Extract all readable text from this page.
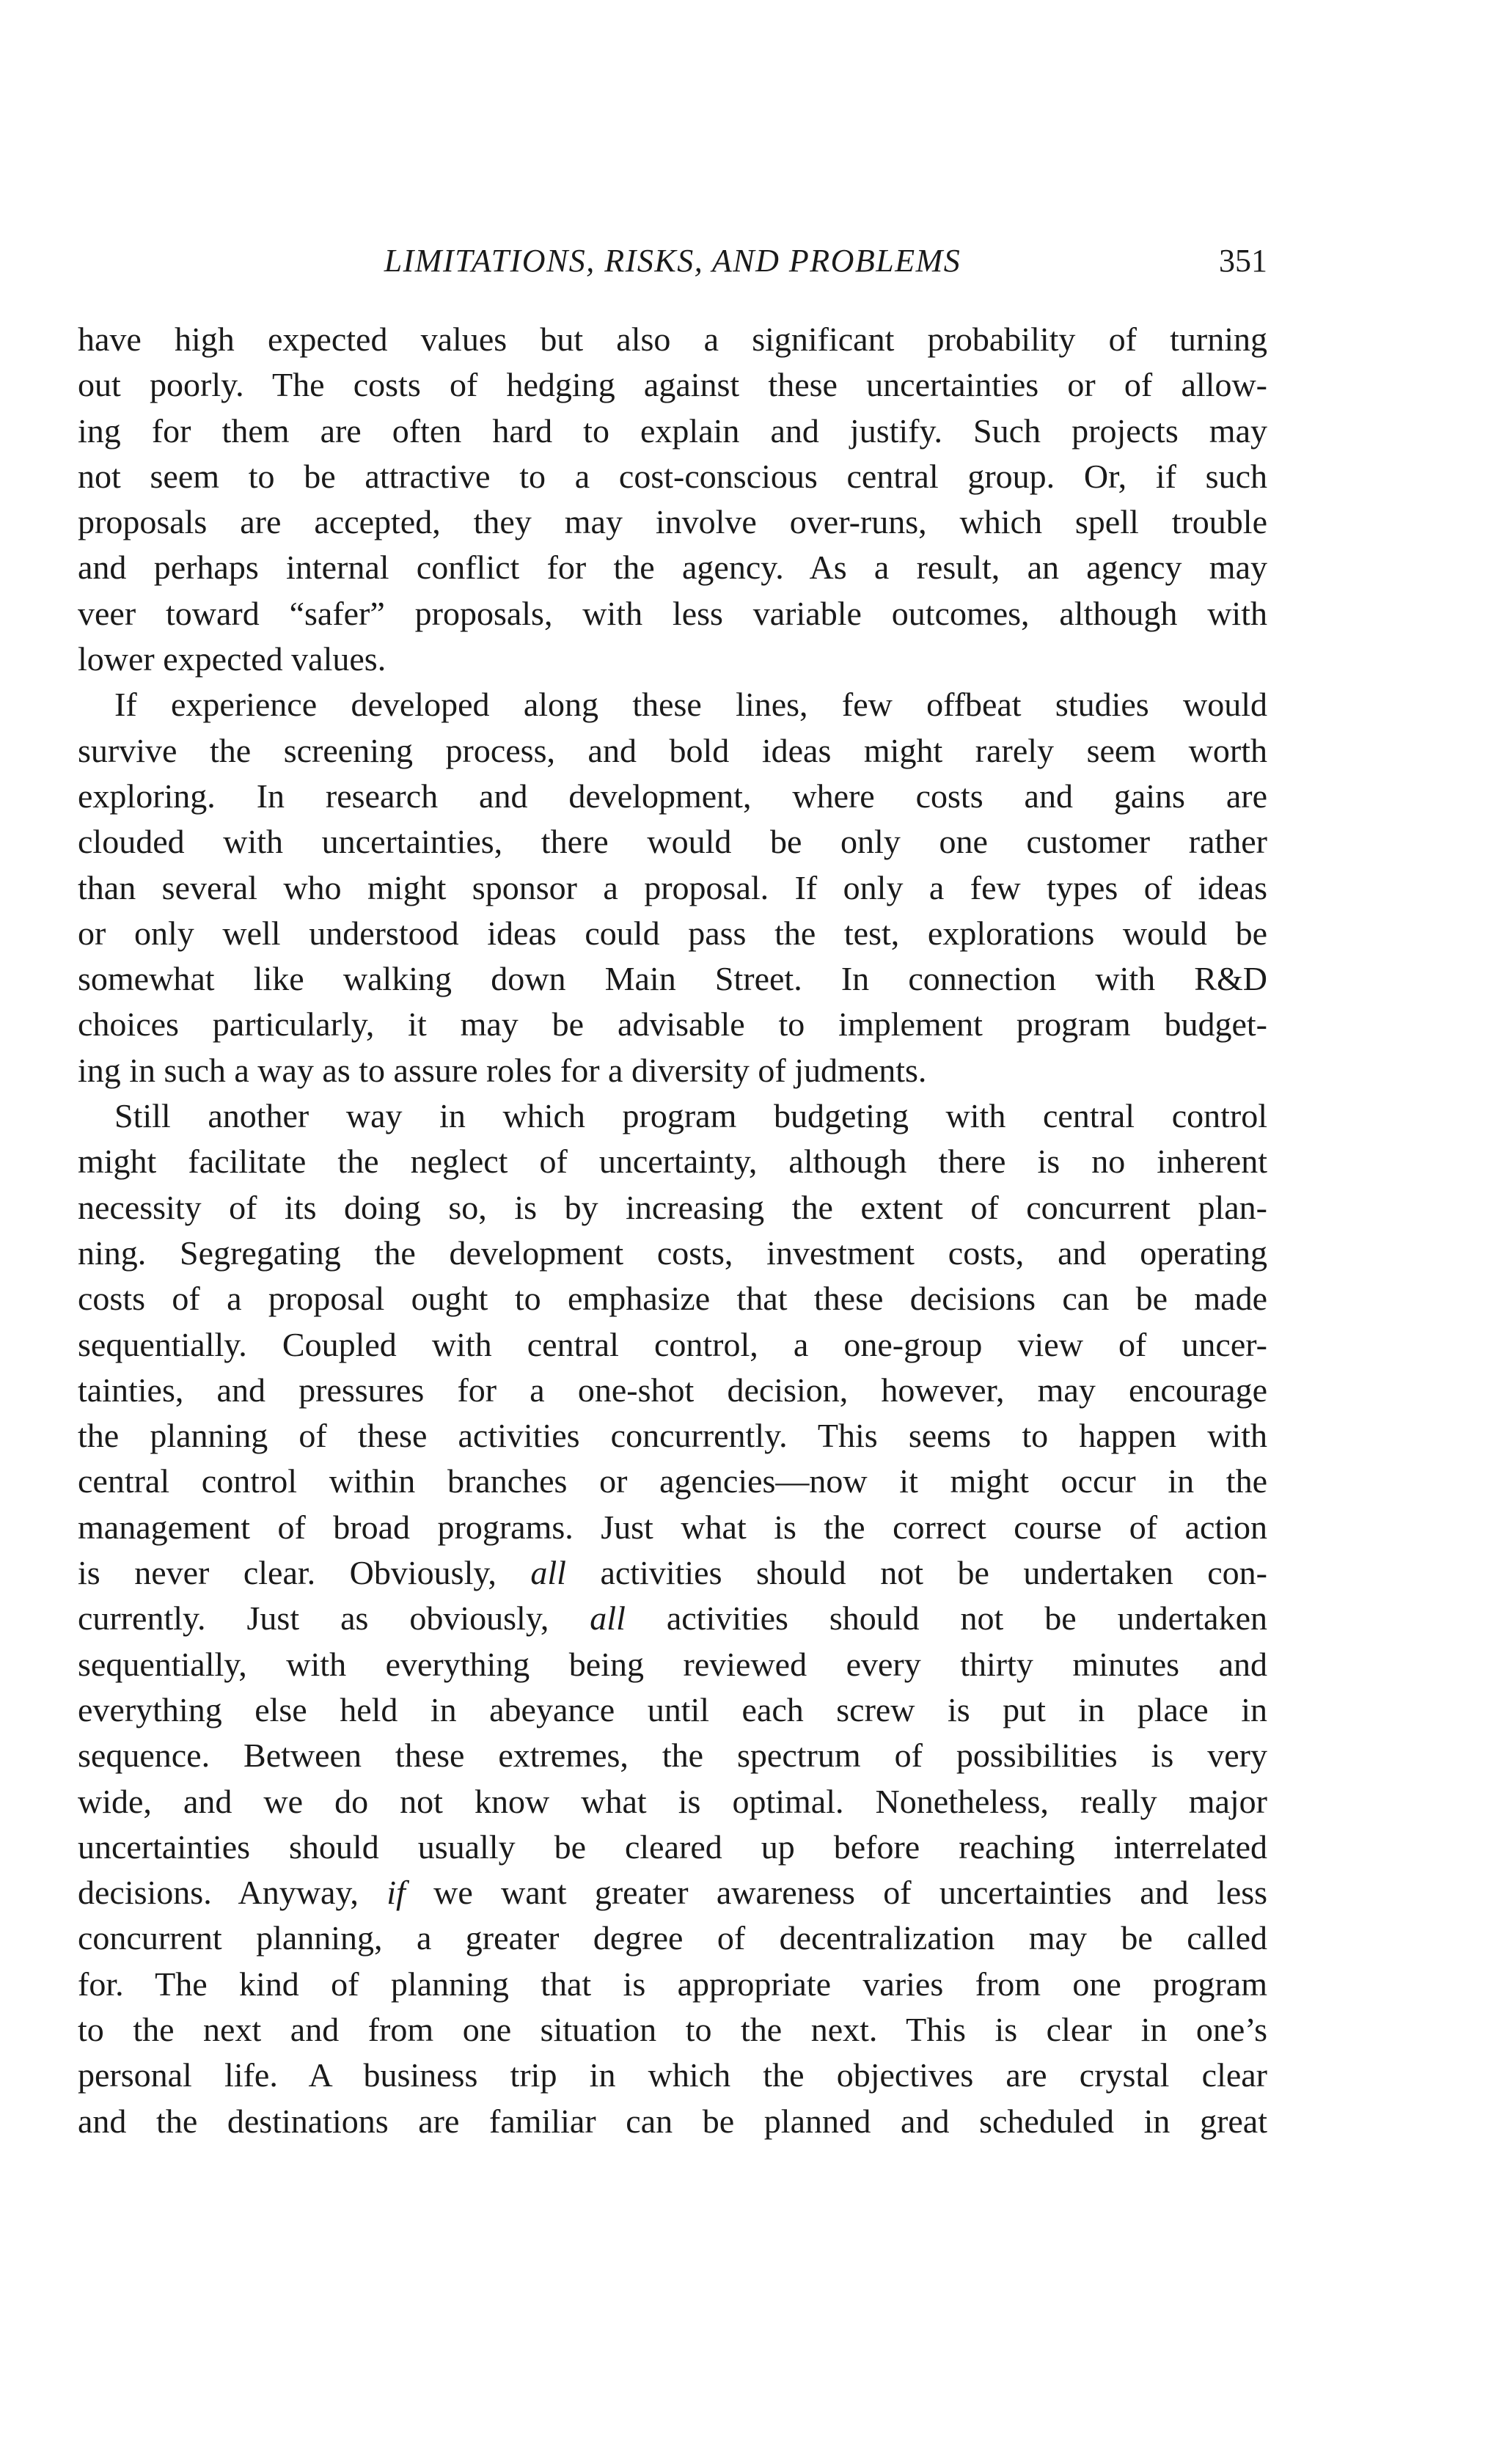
LIMITATIONS, RISKS, AND PROBLEMS	351
have high expected values but also a significant probability of turning
out poorly. The costs of hedging against these uncertainties or of allow-
ing for them are often hard to explain and justify. Such projects may
not seem to be attractive to a cost-conscious central group. Or, if such
proposals are accepted, they may involve over-runs, which spell trouble
and perhaps internal conflict for the agency. As a result, an agency may
veer toward “safer” proposals, with less variable outcomes, although with
lower expected values.
If experience developed along these lines, few offbeat studies would
survive the screening process, and bold ideas might rarely seem worth
exploring. In research and development, where costs and gains are
clouded with uncertainties, there would be only one customer rather
than several who might sponsor a proposal. If only a few types of ideas
or only well understood ideas could pass the test, explorations would be
somewhat like walking down Main Street. In connection with R&D
choices particularly, it may be advisable to implement program budget-
ing in such a way as to assure roles for a diversity of judments.
Still another way in which program budgeting with central control
might facilitate the neglect of uncertainty, although there is no inherent
necessity of its doing so, is by increasing the extent of concurrent plan-
ning. Segregating the development costs, investment costs, and operating
costs of a proposal ought to emphasize that these decisions can be made
sequentially. Coupled with central control, a one-group view of uncer-
tainties, and pressures for a one-shot decision, however, may encourage
the planning of these activities concurrently. This seems to happen with
central control within branches or agencies—now it might occur in the
management of broad programs. Just what is the correct course of action
is never clear. Obviously, all activities should not be undertaken con-
currently. Just as obviously, all activities should not be undertaken
sequentially, with everything being reviewed every thirty minutes and
everything else held in abeyance until each screw is put in place in
sequence. Between these extremes, the spectrum of possibilities is very
wide, and we do not know what is optimal. Nonetheless, really major
uncertainties should usually be cleared up before reaching interrelated
decisions. Anyway, if we want greater awareness of uncertainties and less
concurrent planning, a greater degree of decentralization may be called
for. The kind of planning that is appropriate varies from one program
to the next and from one situation to the next. This is clear in one’s
personal life. A business trip in which the objectives are crystal clear
and the destinations are familiar can be planned and scheduled in great
